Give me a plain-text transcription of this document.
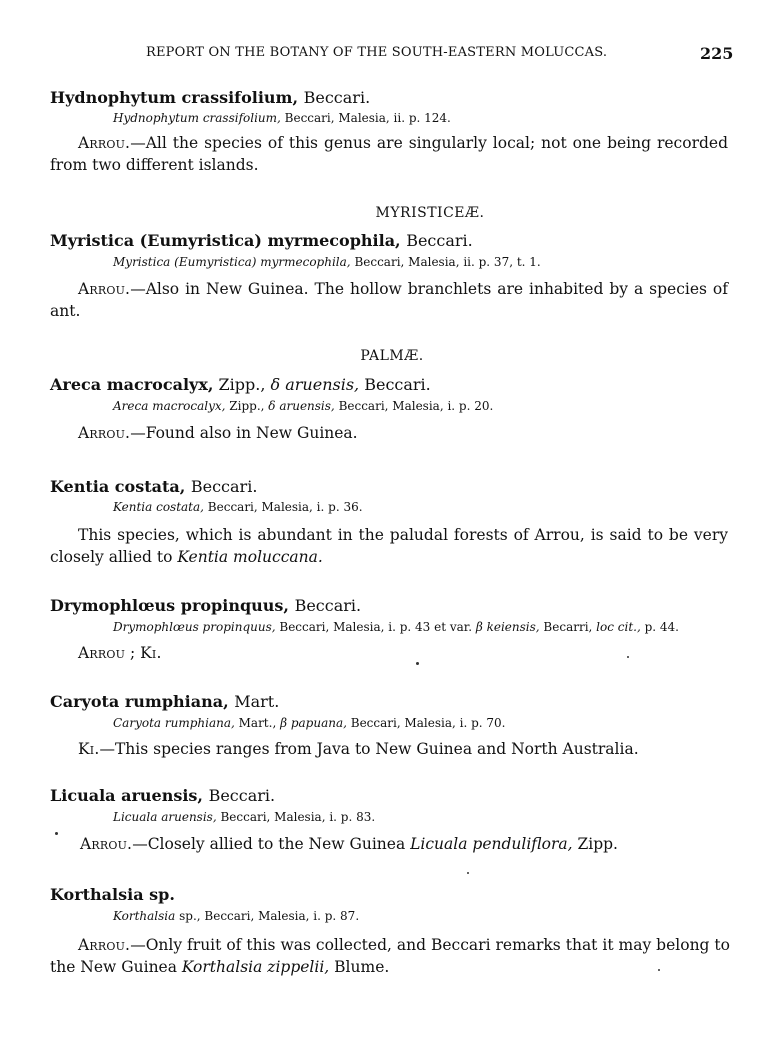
REPORT ON THE BOTANY OF THE SOUTH-EASTERN MOLUCCAS.	225
Hydnophytum crassifolium, Beccari.
Hydnophytum crassifolium, Beccari, Malesia, ii. p. 124.
Arrou.—All the species of this genus are singularly local; not one being recorded from two different islands.
MYRISTICEÆ.
Myristica (Eumyristica) myrmecophila, Beccari.
Myristica (Eumyristica) myrmecophila, Beccari, Malesia, ii. p. 37, t. 1.
Arrou.—Also in New Guinea. The hollow branchlets are inhabited by a species of ant.
PALMÆ.
Areca macrocalyx, Zipp., δ aruensis, Beccari.
Areca macrocalyx, Zipp., δ aruensis, Beccari, Malesia, i. p. 20.
Arrou.—Found also in New Guinea.
Kentia costata, Beccari.
Kentia costata, Beccari, Malesia, i. p. 36.
This species, which is abundant in the paludal forests of Arrou, is said to be very closely allied to Kentia moluccana.
Drymophlœus propinquus, Beccari.
Drymophlœus propinquus, Beccari, Malesia, i. p. 43 et var. β keiensis, Becarri, loc cit., p. 44.
Arrou ; Ki.
Caryota rumphiana, Mart.
Caryota rumphiana, Mart., β papuana, Beccari, Malesia, i. p. 70.
Ki.—This species ranges from Java to New Guinea and North Australia.
Licuala aruensis, Beccari.
Licuala aruensis, Beccari, Malesia, i. p. 83.
Arrou.—Closely allied to the New Guinea Licuala penduliflora, Zipp.
Korthalsia sp.
Korthalsia sp., Beccari, Malesia, i. p. 87.
Arrou.—Only fruit of this was collected, and Beccari remarks that it may belong to the New Guinea Korthalsia zippelii, Blume.
